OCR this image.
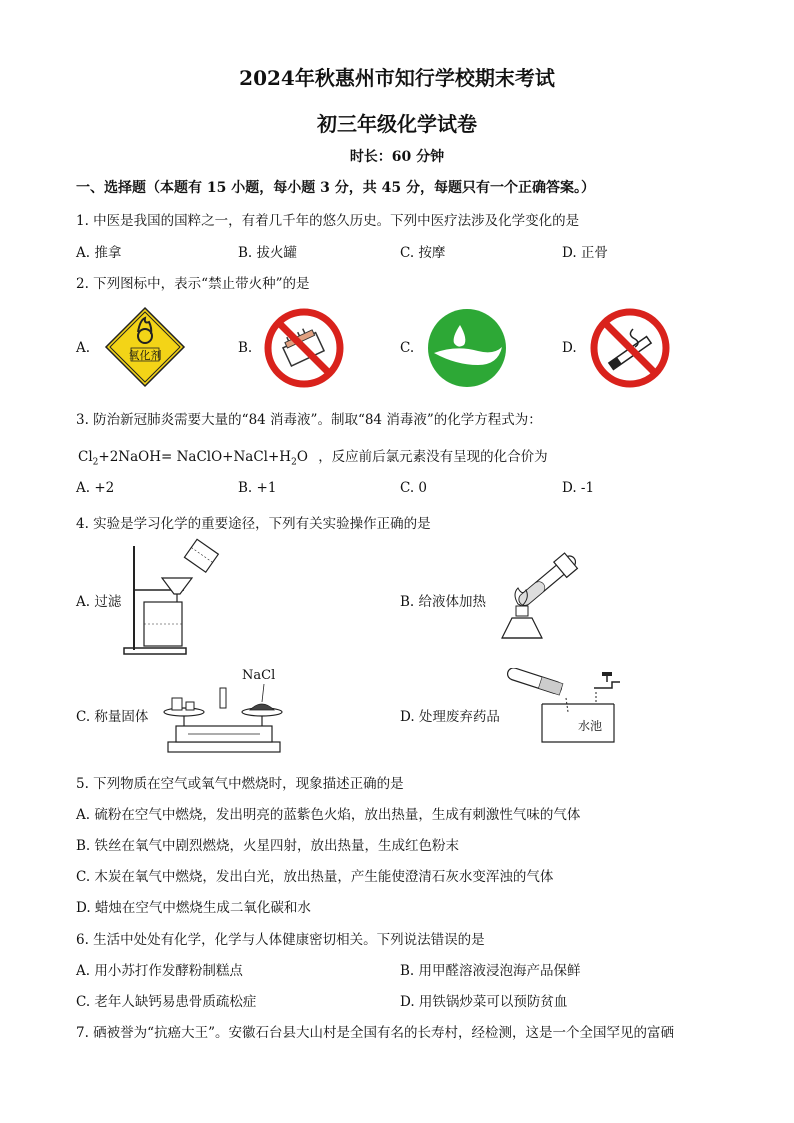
2024年秋惠州市知行学校期末考试
初三年级化学试卷
时长：60 分钟
一、选择题（本题有 15 小题，每小题 3 分，共 45 分，每题只有一个正确答案。）
1. 中医是我国的国粹之一，有着几千年的悠久历史。下列中医疗法涉及化学变化的是
A. 推拿	B. 拔火罐	C. 按摩	D. 正骨
2. 下列图标中，表示“禁止带火种”的是
A.	B.	C.	D.
氧化剂
3. 防治新冠肺炎需要大量的“84 消毒液”。制取“84 消毒液”的化学方程式为：
$Cl_2+2NaOH=$ $NaClO+NaCl+H_2O$ ，反应前后氯元素没有呈现的化合价为
A. +2	B. +1	C. 0	D. -1
4. 实验是学习化学的重要途径，下列有关实验操作正确的是
A. 过滤	B. 给液体加热
C. 称量固体
NaCl
D. 处理废弃药品
水池
5. 下列物质在空气或氧气中燃烧时，现象描述正确的是
A. 硫粉在空气中燃烧，发出明亮的蓝紫色火焰，放出热量，生成有刺激性气味的气体
B. 铁丝在氧气中剧烈燃烧，火星四射，放出热量，生成红色粉末
C. 木炭在氧气中燃烧，发出白光，放出热量，产生能使澄清石灰水变浑浊的气体
D. 蜡烛在空气中燃烧生成二氧化碳和水
6. 生活中处处有化学，化学与人体健康密切相关。下列说法错误的是
A. 用小苏打作发酵粉制糕点	B. 用甲醛溶液浸泡海产品保鲜
C. 老年人缺钙易患骨质疏松症	D. 用铁锅炒菜可以预防贫血
7. 硒被誉为“抗癌大王”。安徽石台县大山村是全国有名的长寿村，经检测，这是一个全国罕见的富硒
